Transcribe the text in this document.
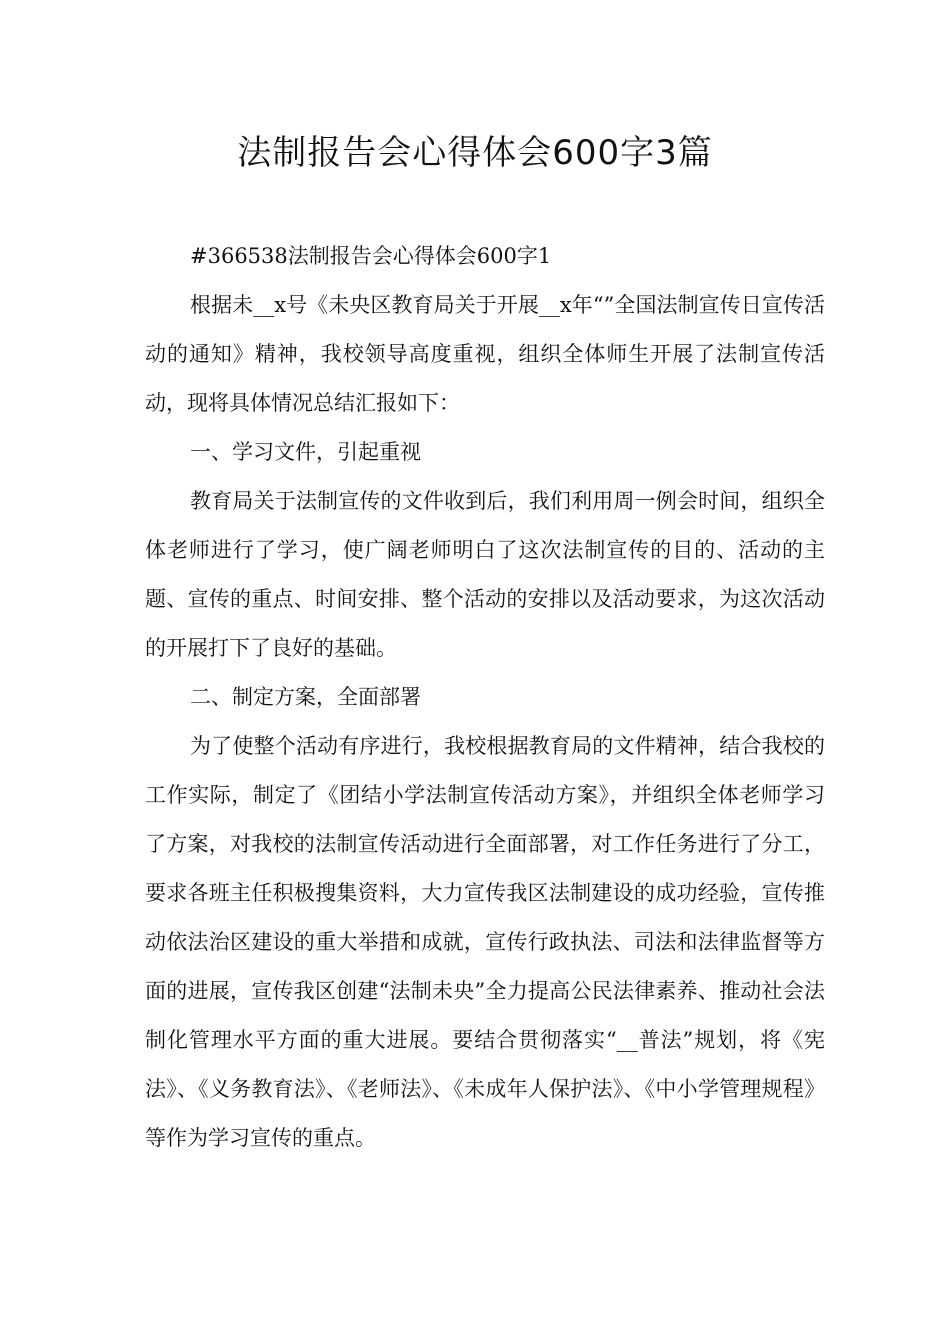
法制报告会心得体会600字3篇

#366538法制报告会心得体会600字1

根据未__x号《未央区教育局关于开展__x年“”全国法制宣传日宣传活动的通知》精神，我校领导高度重视，组织全体师生开展了法制宣传活动，现将具体情况总结汇报如下：

一、学习文件，引起重视

教育局关于法制宣传的文件收到后，我们利用周一例会时间，组织全体老师进行了学习，使广阔老师明白了这次法制宣传的目的、活动的主题、宣传的重点、时间安排、整个活动的安排以及活动要求，为这次活动的开展打下了良好的基础。

二、制定方案，全面部署

为了使整个活动有序进行，我校根据教育局的文件精神，结合我校的工作实际，制定了《团结小学法制宣传活动方案》，并组织全体老师学习了方案，对我校的法制宣传活动进行全面部署，对工作任务进行了分工，要求各班主任积极搜集资料，大力宣传我区法制建设的成功经验，宣传推动依法治区建设的重大举措和成就，宣传行政执法、司法和法律监督等方面的进展，宣传我区创建“法制未央”全力提高公民法律素养、推动社会法制化管理水平方面的重大进展。要结合贯彻落实“__普法”规划，将《宪法》、《义务教育法》、《老师法》、《未成年人保护法》、《中小学管理规程》等作为学习宣传的重点。
